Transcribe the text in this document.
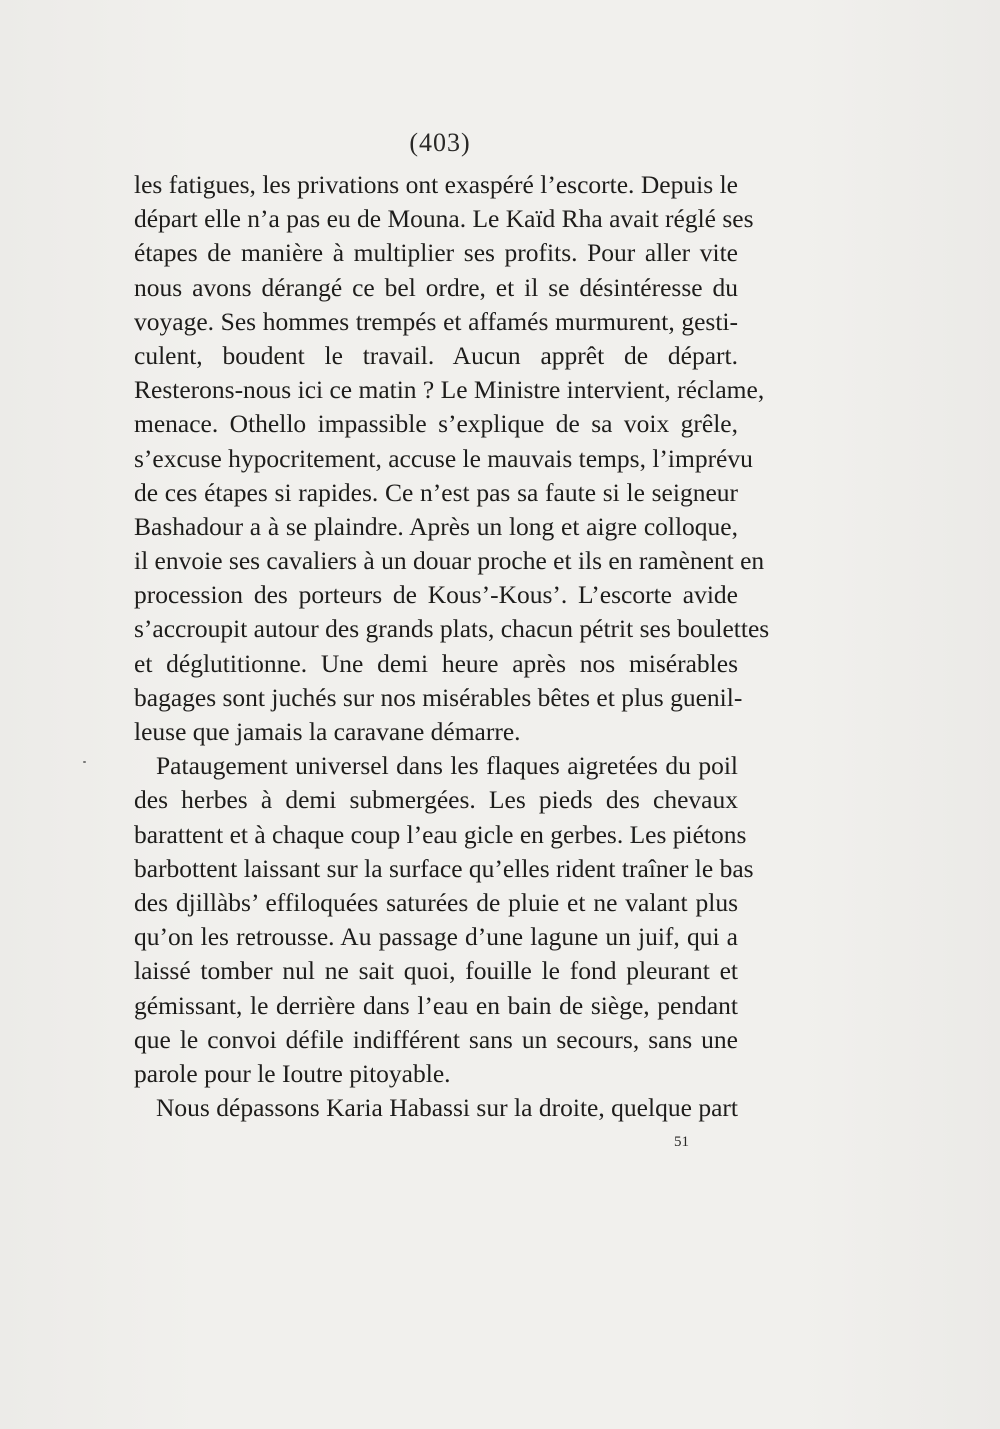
(403)
les fatigues, les privations ont exaspéré l’escorte. Depuis le
départ elle n’a pas eu de Mouna. Le Kaïd Rha avait réglé ses
étapes de manière à multiplier ses profits. Pour aller vite
nous avons dérangé ce bel ordre, et il se désintéresse du
voyage. Ses hommes trempés et affamés murmurent, gesti-
culent, boudent le travail. Aucun apprêt de départ.
Resterons-nous ici ce matin ? Le Ministre intervient, réclame,
menace. Othello impassible s’explique de sa voix grêle,
s’excuse hypocritement, accuse le mauvais temps, l’imprévu
de ces étapes si rapides. Ce n’est pas sa faute si le seigneur
Bashadour a à se plaindre. Après un long et aigre colloque,
il envoie ses cavaliers à un douar proche et ils en ramènent en
procession des porteurs de Kous’-Kous’. L’escorte avide
s’accroupit autour des grands plats, chacun pétrit ses boulettes
et déglutitionne. Une demi heure après nos misérables
bagages sont juchés sur nos misérables bêtes et plus guenil-
leuse que jamais la caravane démarre.
Pataugement universel dans les flaques aigretées du poil
des herbes à demi submergées. Les pieds des chevaux
barattent et à chaque coup l’eau gicle en gerbes. Les piétons
barbottent laissant sur la surface qu’elles rident traîner le bas
des djillàbs’ effiloquées saturées de pluie et ne valant plus
qu’on les retrousse. Au passage d’une lagune un juif, qui a
laissé tomber nul ne sait quoi, fouille le fond pleurant et
gémissant, le derrière dans l’eau en bain de siège, pendant
que le convoi défile indifférent sans un secours, sans une
parole pour le Ioutre pitoyable.
Nous dépassons Karia Habassi sur la droite, quelque part
51
